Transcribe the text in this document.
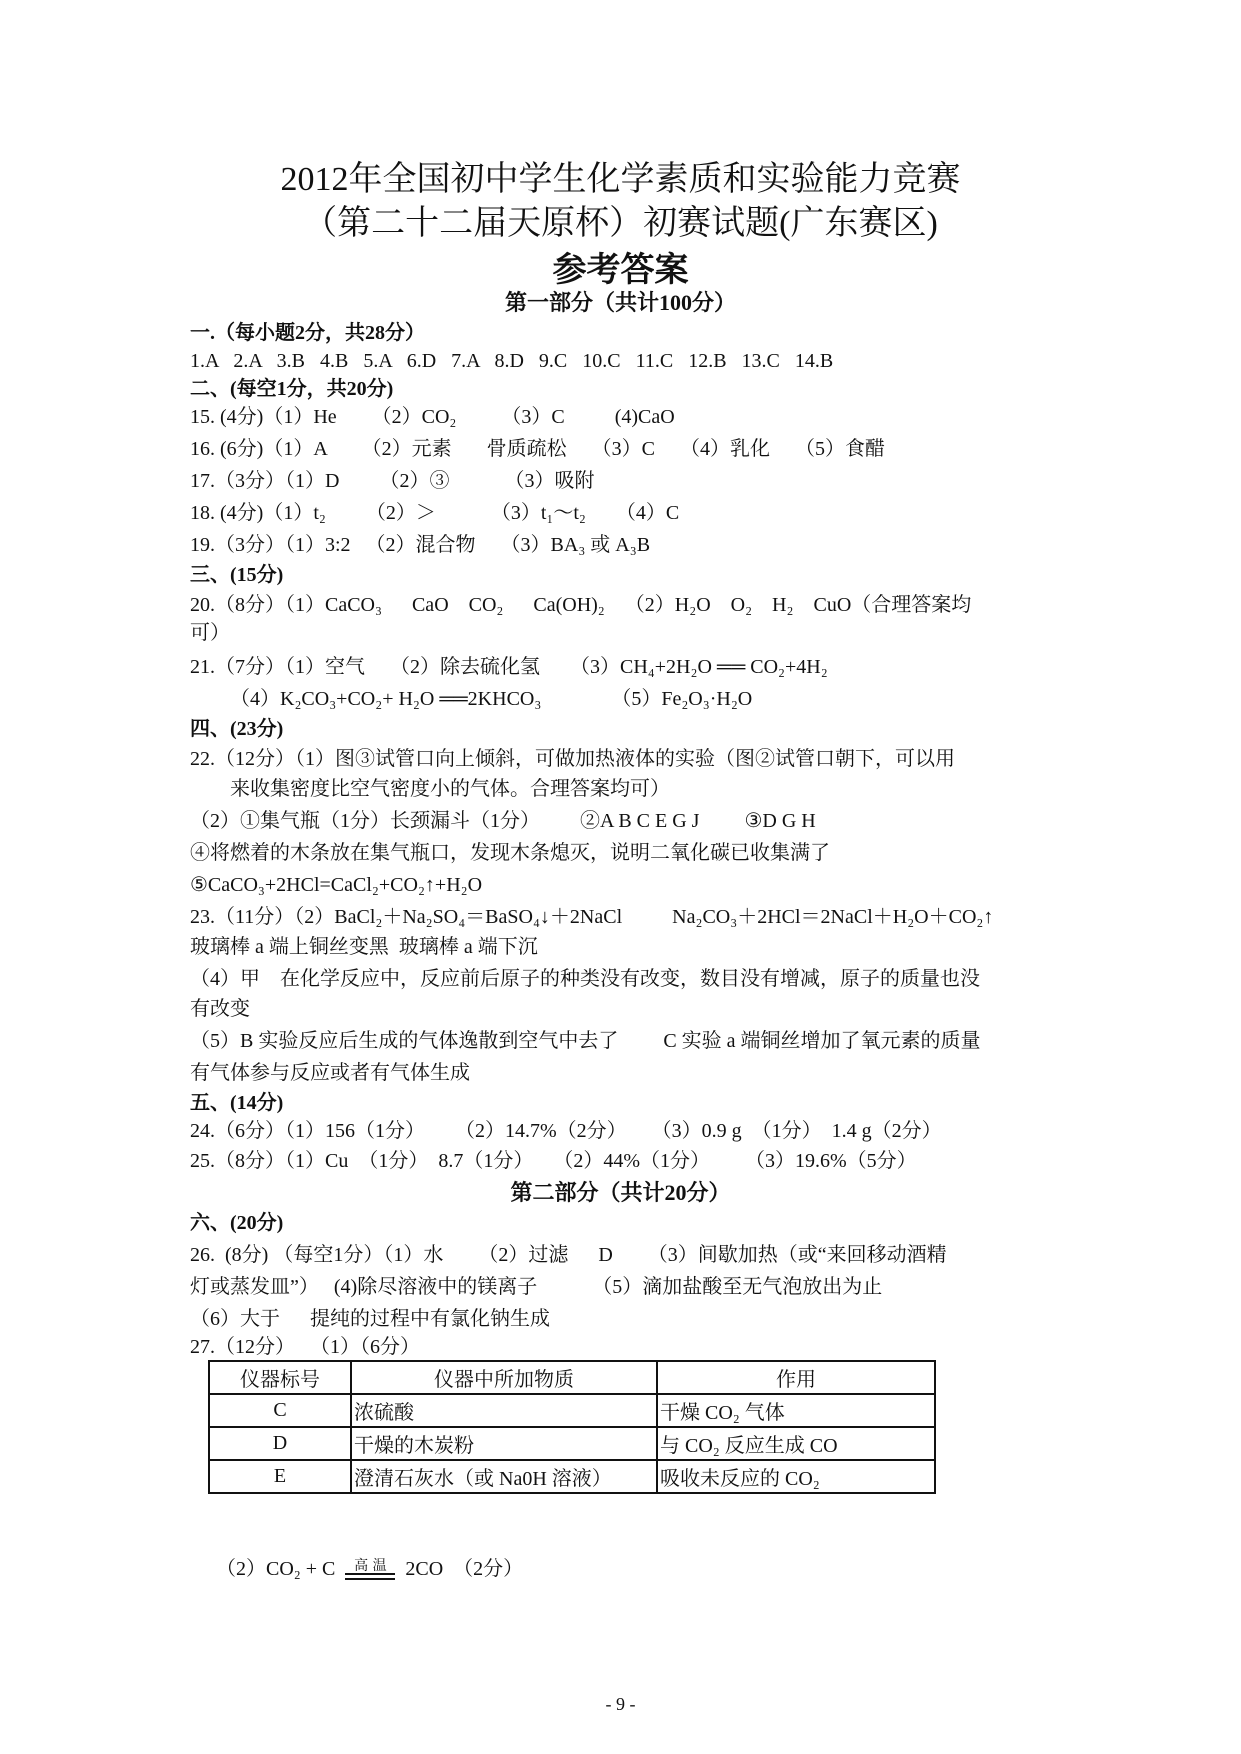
2012年全国初中学生化学素质和实验能力竞赛
（第二十二届天原杯）初赛试题(广东赛区)
参考答案
第一部分（共计100分）
一.（每小题2分，共28分）
1.A   2.A   3.B   4.B   5.A   6.D   7.A   8.D   9.C   10.C   11.C   12.B   13.C   14.B
二、(每空1分，共20分)
15. (4分)（1）He       （2）CO₂         （3）C          (4)CaO
16. (6分)（1）A       （2）元素       骨质疏松     （3）C     （4）乳化     （5）食醋
17.（3分）（1）D        （2）③           （3）吸附
18. (4分)（1）t₂        （2）＞           （3）t₁～t₂      （4）C
19.（3分）（1）3:2   （2）混合物     （3）BA₃ 或 A₃B
三、(15分)
20.（8分）（1）CaCO₃      CaO    CO₂      Ca(OH)₂    （2）H₂O    O₂    H₂    CuO（合理答案均
可）
21.（7分）（1）空气     （2）除去硫化氢      （3）CH₄+2H₂O ══ CO₂+4H₂
（4）K₂CO₃+CO₂+ H₂O ══2KHCO₃              （5）Fe₂O₃·H₂O
四、(23分)
22.（12分）（1）图③试管口向上倾斜，可做加热液体的实验（图②试管口朝下，可以用
来收集密度比空气密度小的气体。合理答案均可）
（2）①集气瓶（1分）长颈漏斗（1分）        ②A B C E G J         ③D G H
④将燃着的木条放在集气瓶口，发现木条熄灭，说明二氧化碳已收集满了
⑤CaCO₃+2HCl=CaCl₂+CO₂↑+H₂O
23.（11分）（2）BaCl₂＋Na₂SO₄＝BaSO₄↓＋2NaCl          Na₂CO₃＋2HCl＝2NaCl＋H₂O＋CO₂↑
玻璃棒 a 端上铜丝变黑  玻璃棒 a 端下沉
（4）甲    在化学反应中，反应前后原子的种类没有改变，数目没有增减，原子的质量也没
有改变
（5）B 实验反应后生成的气体逸散到空气中去了         C 实验 a 端铜丝增加了氧元素的质量
有气体参与反应或者有气体生成
五、(14分)
24.（6分）（1）156（1分）      （2）14.7%（2分）     （3）0.9 g  （1分）  1.4 g（2分）
25.（8分）（1）Cu  （1分）  8.7（1分）    （2）44%（1分）       （3）19.6%（5分）
第二部分（共计20分）
六、(20分)
26.  (8分) （每空1分）（1）水       （2）过滤      D       （3）间歇加热（或“来回移动酒精
灯或蒸发皿”）   (4)除尽溶液中的镁离子           （5）滴加盐酸至无气泡放出为止
（6）大于      提纯的过程中有氯化钠生成
27.（12分）   （1）（6分）
仪器标号	仪器中所加物质	作用
C	浓硫酸	干燥 CO₂ 气体
D	干燥的木炭粉	与 CO₂ 反应生成 CO
E	澄清石灰水（或 Na0H 溶液）	吸收未反应的 CO₂

（2）CO₂ + C	高 温 2CO  （2分）

- 9 -
